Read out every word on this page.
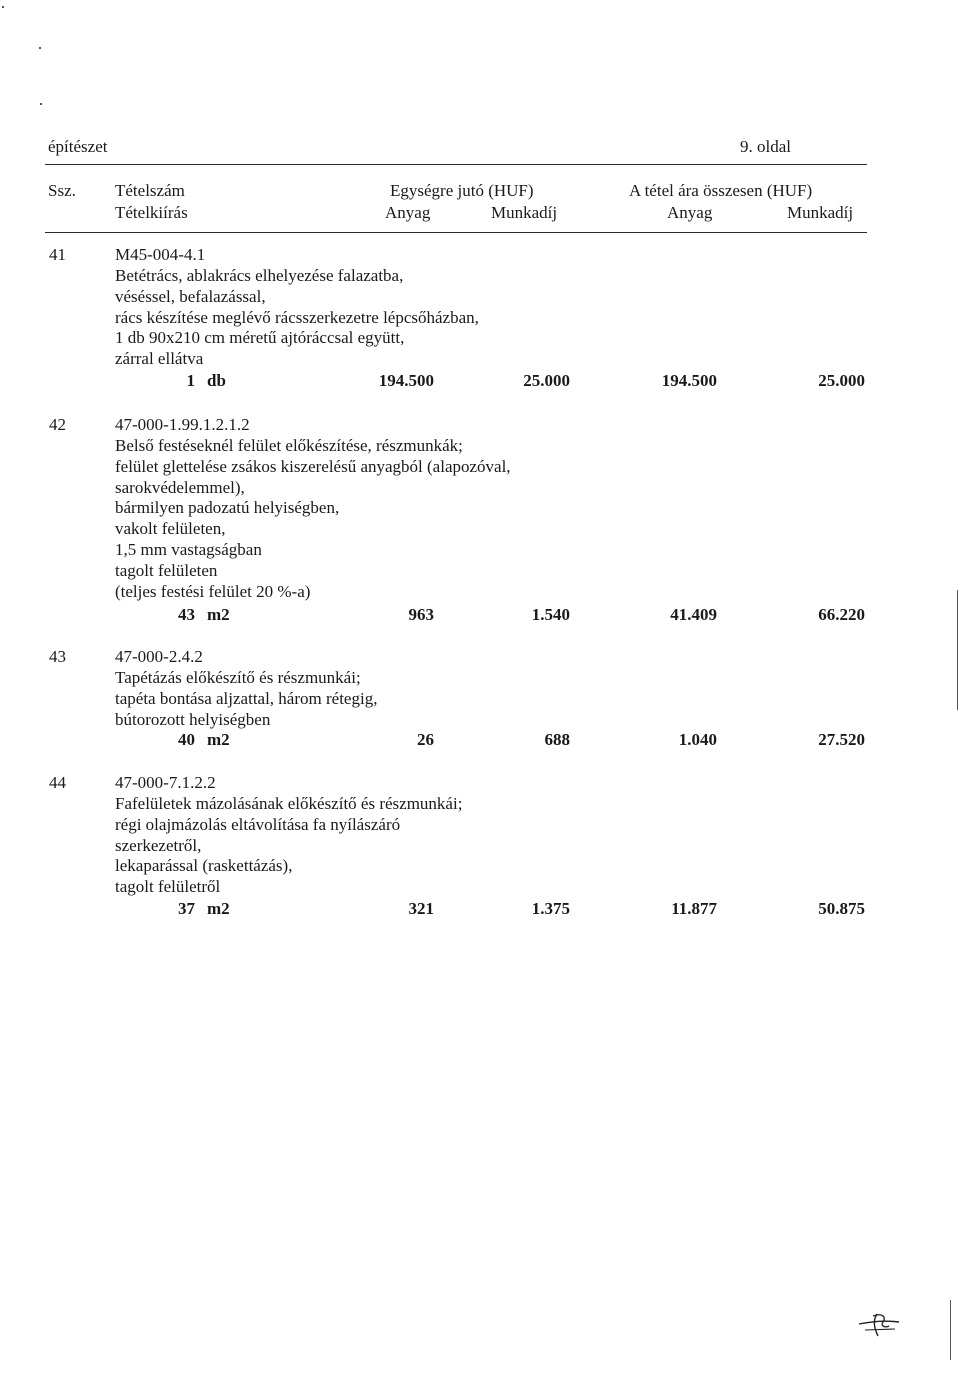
építészet	9. oldal
Ssz. Tételszám
Tételkiírás
Egységre jutó (HUF)	A tétel ára összesen (HUF)
Anyag	Munkadíj	Anyag	Munkadíj
41	M45-004-4.1
Betétrács, ablakrács elhelyezése falazatba,
véséssel, befalazással,
rács készítése meglévő rácsszerkezetre lépcsőházban,
1 db 90x210 cm méretű ajtóráccsal együtt,
zárral ellátva
1 db	194.500	25.000	194.500	25.000
42	47-000-1.99.1.2.1.2
Belső festéseknél felület előkészítése, részmunkák;
felület glettelése zsákos kiszerelésű anyagból (alapozóval,
sarokvédelemmel),
bármilyen padozatú helyiségben,
vakolt felületen,
1,5 mm vastagságban
tagolt felületen
(teljes festési felület 20 %-a)
43 m2	963	1.540	41.409	66.220
43	47-000-2.4.2
Tapétázás előkészítő és részmunkái;
tapéta bontása aljzattal, három rétegig,
bútorozott helyiségben
40 m2	26	688	1.040	27.520
44	47-000-7.1.2.2
Fafelületek mázolásának előkészítő és részmunkái;
régi olajmázolás eltávolítása fa nyílászáró
szerkezetről,
lekaparással (raskettázás),
tagolt felületről
37 m2	321	1.375	11.877	50.875
